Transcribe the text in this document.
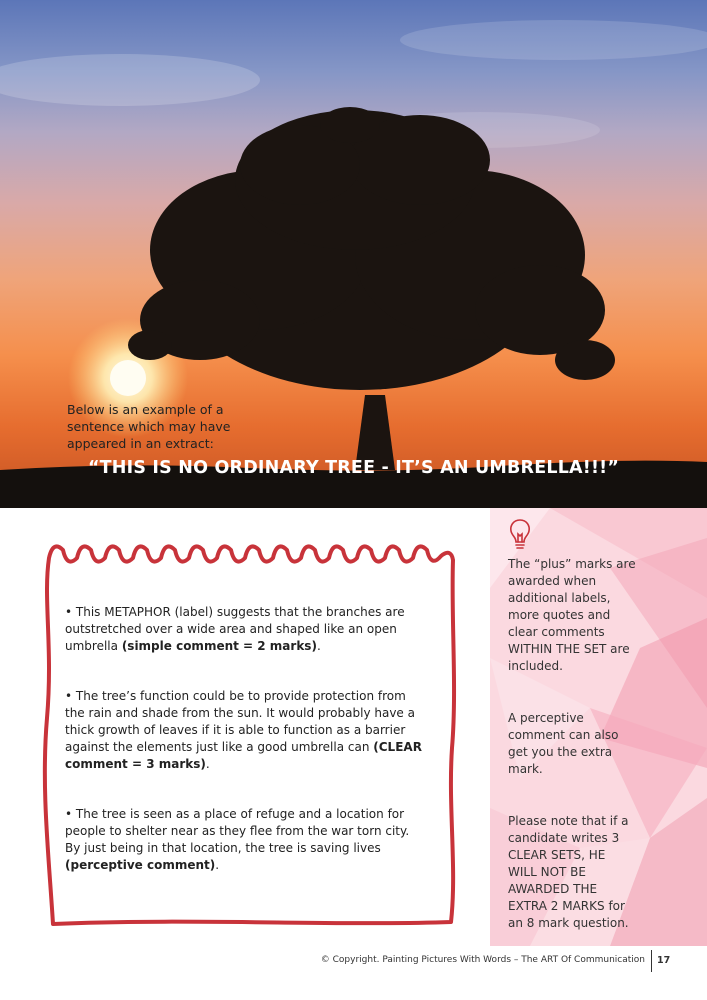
Below is an example of a sentence which may have appeared in an extract:
“THIS IS NO ORDINARY TREE - IT’S AN UMBRELLA!!!”

• This METAPHOR (label) suggests that the branches are outstretched over a wide area and shaped like an open umbrella (simple comment = 2 marks).

• The tree’s function could be to provide protection from the rain and shade from the sun. It would probably have a thick growth of leaves if it is able to function as a barrier against the elements just like a good umbrella can (CLEAR comment = 3 marks).

• The tree is seen as a place of refuge and a location for people to shelter near as they flee from the war torn city. By just being in that location, the tree is saving lives (perceptive comment).

The “plus” marks are awarded when additional labels, more quotes and clear comments WITHIN THE SET are included.
A perceptive comment can also get you the extra mark.
Please note that if a candidate writes 3 CLEAR SETS, HE WILL NOT BE AWARDED THE EXTRA 2 MARKS for an 8 mark question.
© Copyright. Painting Pictures With Words – The ART Of Communication 17
